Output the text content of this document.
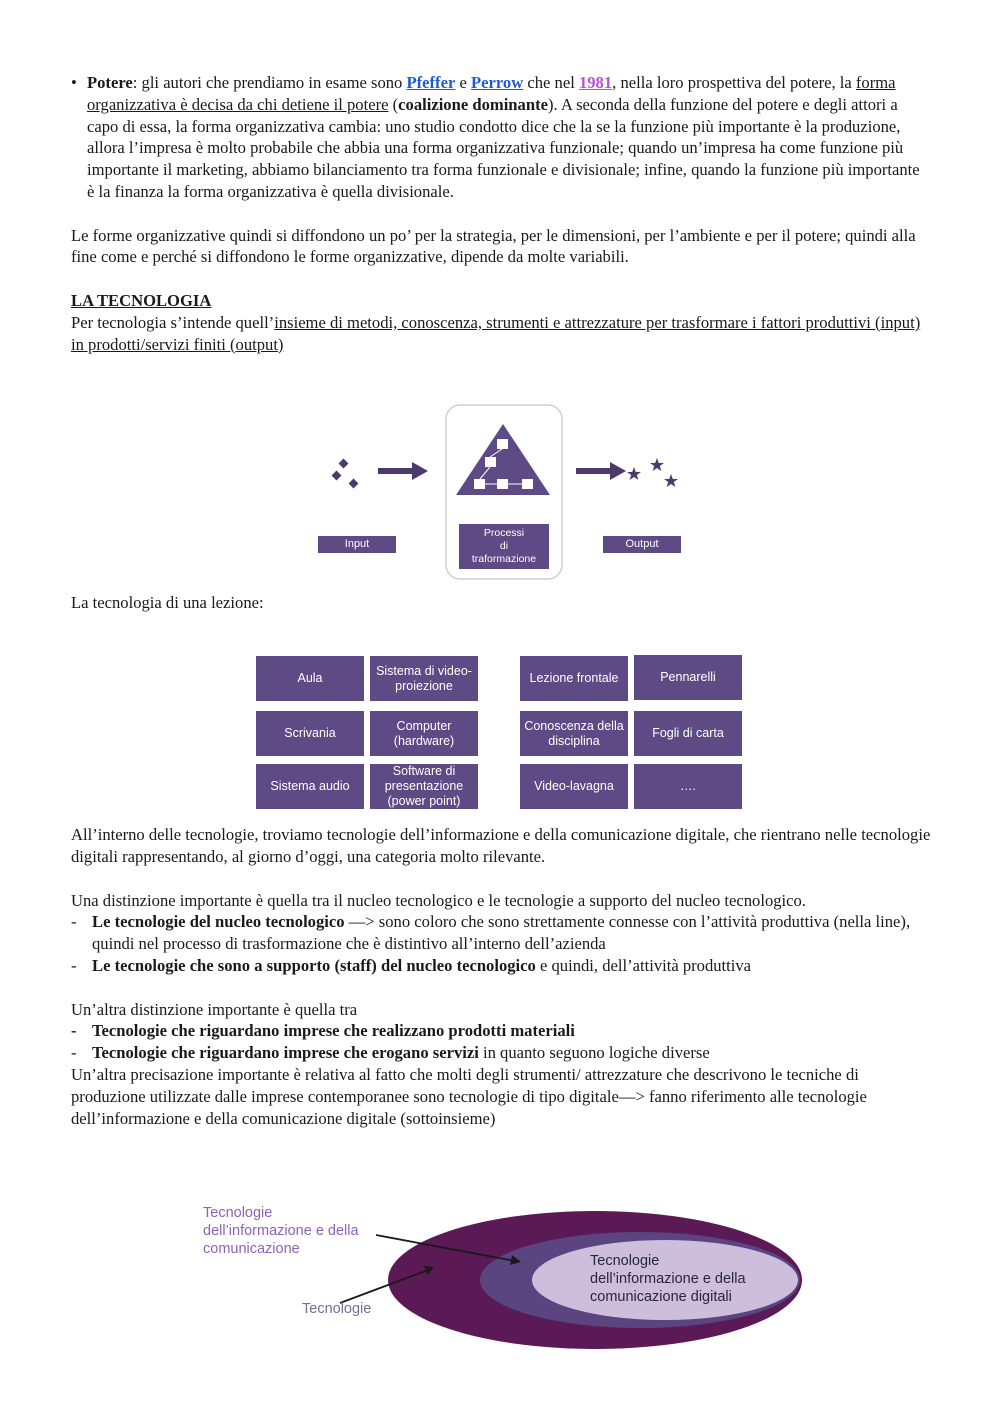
• Potere: gli autori che prendiamo in esame sono Pfeffer e Perrow che nel 1981, nella loro prospettiva del potere, la forma organizzativa è decisa da chi detiene il potere (coalizione dominante). A seconda della funzione del potere e degli attori a capo di essa, la forma organizzativa cambia: uno studio condotto dice che la se la funzione più importante è la produzione, allora l’impresa è molto probabile che abbia una forma organizzativa funzionale; quando un’impresa ha come funzione più importante il marketing, abbiamo bilanciamento tra forma funzionale e divisionale; infine, quando la funzione più importante è la finanza la forma organizzativa è quella divisionale.

Le forme organizzative quindi si diffondono un po’ per la strategia, per le dimensioni, per l’ambiente e per il potere; quindi alla fine come e perché si diffondono le forme organizzative, dipende da molte variabili.

LA TECNOLOGIA

Per tecnologia s’intende quell’insieme di metodi, conoscenza, strumenti e attrezzature per trasformare i fattori produttivi (input) in prodotti/servizi finiti (output)

La tecnologia di una lezione:

All’interno delle tecnologie, troviamo tecnologie dell’informazione e della comunicazione digitale, che rientrano nelle tecnologie digitali rappresentando, al giorno d’oggi, una categoria molto rilevante.

Una distinzione importante è quella tra il nucleo tecnologico e le tecnologie a supporto del nucleo tecnologico.

- Le tecnologie del nucleo tecnologico —> sono coloro che sono strettamente connesse con l’attività produttiva (nella line), quindi nel processo di trasformazione che è distintivo all’interno dell’azienda

- Le tecnologie che sono a supporto (staff) del nucleo tecnologico e quindi, dell’attività produttiva

Un’altra distinzione importante è quella tra

- Tecnologie che riguardano imprese che realizzano prodotti materiali

- Tecnologie che riguardano imprese che erogano servizi in quanto seguono logiche diverse

Un’altra precisazione importante è relativa al fatto che molti degli strumenti/ attrezzature che descrivono le tecniche di produzione utilizzate dalle imprese contemporanee sono tecnologie di tipo digitale—> fanno riferimento alle tecnologie dell’informazione e della comunicazione digitale (sottoinsieme)

Input
Processi
di
traformazione
Output
Aula
Sistema di video-proiezione
Scrivania
Computer (hardware)
Sistema audio
Software di presentazione (power point)
Lezione frontale	Pennarelli
Conoscenza della disciplina
Fogli di carta
Video-lavagna	….
Tecnologie
dell’informazione e della
comunicazione
Tecnologie
Tecnologie
dell’informazione e della
comunicazione digitali
